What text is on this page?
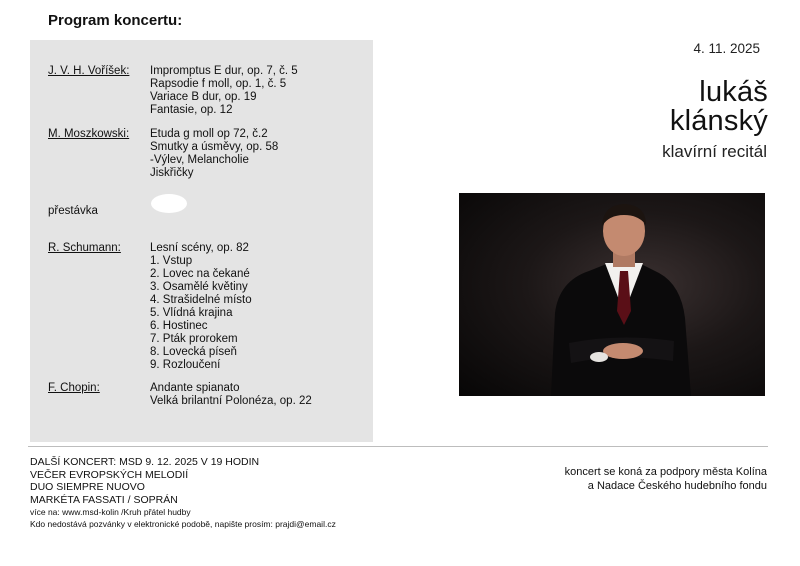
Program koncertu:
J. V. H. Voříšek: Impromptus E dur, op. 7, č. 5
Rapsodie f moll, op. 1, č. 5
Variace B dur, op. 19
Fantasie, op. 12
M. Moszkowski: Etuda g moll op 72, č.2
Smutky a úsměvy, op. 58
-Výlev, Melancholie
Jiskřičky
přestávka
R. Schumann:	Lesní scény, op. 82
1. Vstup
2. Lovec na čekané
3. Osamělé květiny
4. Strašidelné místo
5. Vlídná krajina
6. Hostinec
7. Pták prorokem
8. Lovecká píseň
9. Rozloučení
F. Chopin:	Andante spianato
Velká brilantní Polonéza, op. 22
4. 11. 2025
lukáš
klánský
klavírní recitál
DALŠÍ KONCERT: MSD 9. 12. 2025 V 19 HODIN
VEČER EVROPSKÝCH MELODIÍ
DUO SIEMPRE NUOVO
MARKÉTA FASSATI / SOPRÁN
více na: www.msd-kolin /Kruh přátel hudby
Kdo nedostává pozvánky v elektronické podobě, napište prosím: prajdi@email.cz
koncert se koná za podpory města Kolína
a Nadace Českého hudebního fondu
